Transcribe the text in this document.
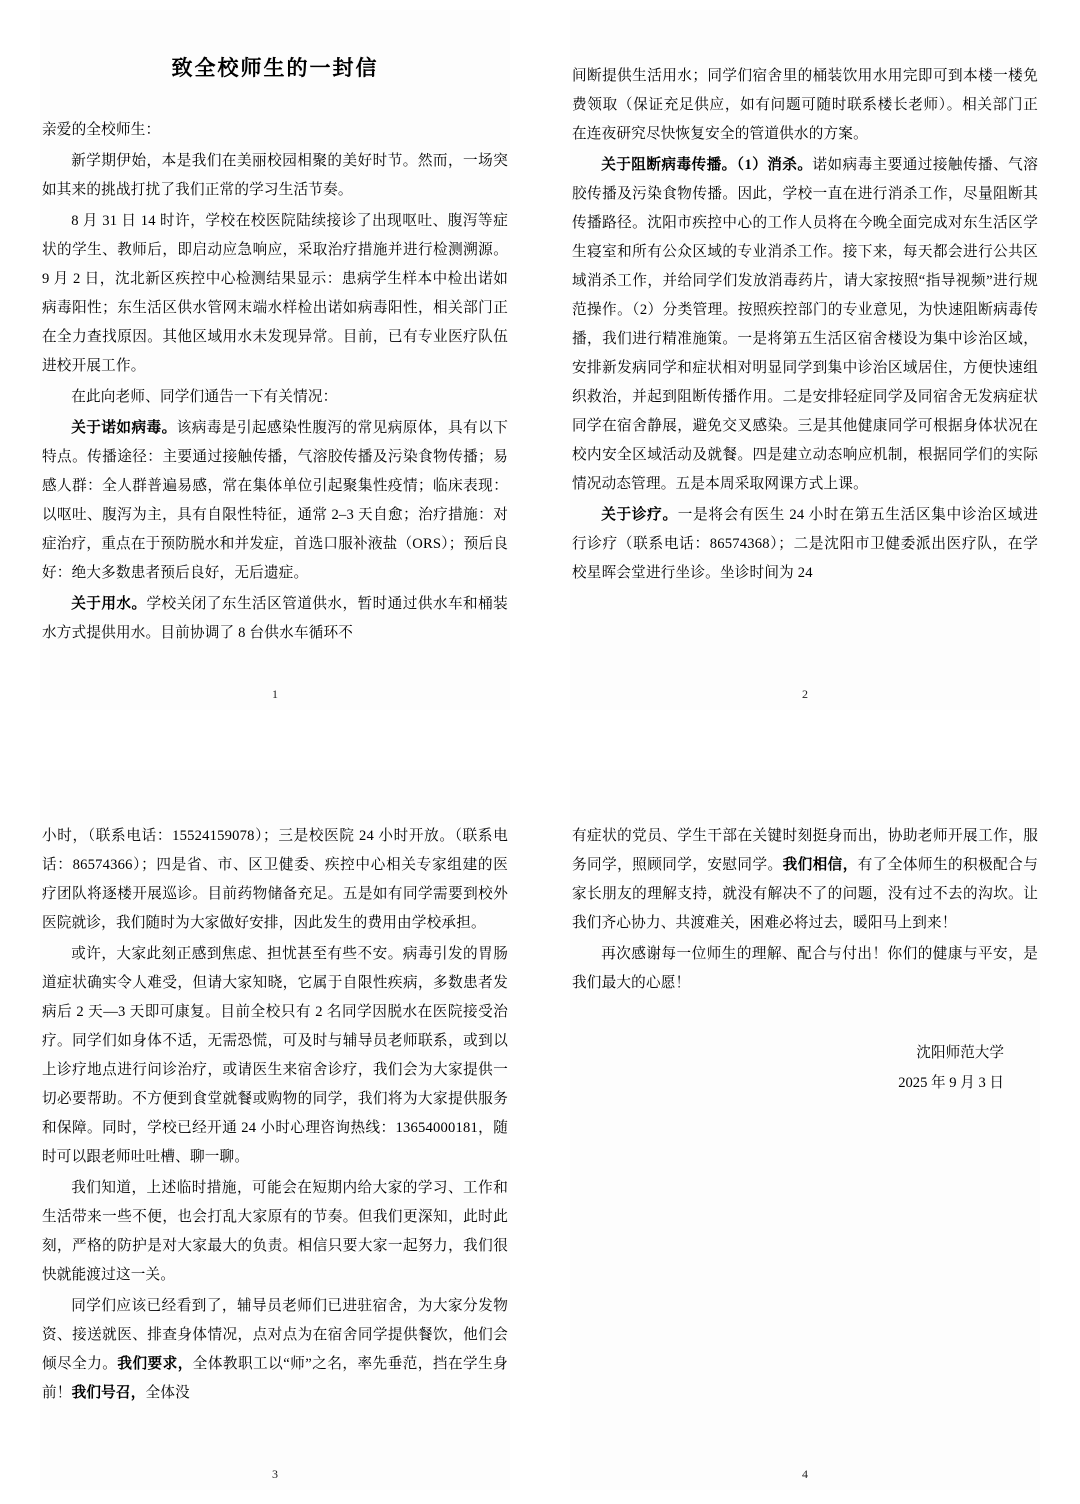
致全校师生的一封信

亲爱的全校师生：

新学期伊始，本是我们在美丽校园相聚的美好时节。然而，一场突如其来的挑战打扰了我们正常的学习生活节奏。

8 月 31 日 14 时许，学校在校医院陆续接诊了出现呕吐、腹泻等症状的学生、教师后，即启动应急响应，采取治疗措施并进行检测溯源。9 月 2 日，沈北新区疾控中心检测结果显示：患病学生样本中检出诺如病毒阳性；东生活区供水管网末端水样检出诺如病毒阳性，相关部门正在全力查找原因。其他区域用水未发现异常。目前，已有专业医疗队伍进校开展工作。

在此向老师、同学们通告一下有关情况：

关于诺如病毒。该病毒是引起感染性腹泻的常见病原体，具有以下特点。传播途径：主要通过接触传播，气溶胶传播及污染食物传播；易感人群：全人群普遍易感，常在集体单位引起聚集性疫情；临床表现：以呕吐、腹泻为主，具有自限性特征，通常 2–3 天自愈；治疗措施：对症治疗，重点在于预防脱水和并发症，首选口服补液盐（ORS）；预后良好：绝大多数患者预后良好，无后遗症。

关于用水。学校关闭了东生活区管道供水，暂时通过供水车和桶装水方式提供用水。目前协调了 8 台供水车循环不

1

间断提供生活用水；同学们宿舍里的桶装饮用水用完即可到本楼一楼免费领取（保证充足供应，如有问题可随时联系楼长老师）。相关部门正在连夜研究尽快恢复安全的管道供水的方案。

关于阻断病毒传播。（1）消杀。诺如病毒主要通过接触传播、气溶胶传播及污染食物传播。因此，学校一直在进行消杀工作，尽量阻断其传播路径。沈阳市疾控中心的工作人员将在今晚全面完成对东生活区学生寝室和所有公众区域的专业消杀工作。接下来，每天都会进行公共区域消杀工作，并给同学们发放消毒药片，请大家按照“指导视频”进行规范操作。（2）分类管理。按照疾控部门的专业意见，为快速阻断病毒传播，我们进行精准施策。一是将第五生活区宿舍楼设为集中诊治区域，安排新发病同学和症状相对明显同学到集中诊治区域居住，方便快速组织救治，并起到阻断传播作用。二是安排轻症同学及同宿舍无发病症状同学在宿舍静展，避免交叉感染。三是其他健康同学可根据身体状况在校内安全区域活动及就餐。四是建立动态响应机制，根据同学们的实际情况动态管理。五是本周采取网课方式上课。

关于诊疗。一是将会有医生 24 小时在第五生活区集中诊治区域进行诊疗（联系电话：86574368）；二是沈阳市卫健委派出医疗队，在学校星晖会堂进行坐诊。坐诊时间为 24

2

小时，（联系电话：15524159078）；三是校医院 24 小时开放。（联系电话：86574366）；四是省、市、区卫健委、疾控中心相关专家组建的医疗团队将逐楼开展巡诊。目前药物储备充足。五是如有同学需要到校外医院就诊，我们随时为大家做好安排，因此发生的费用由学校承担。

或许，大家此刻正感到焦虑、担忧甚至有些不安。病毒引发的胃肠道症状确实令人难受，但请大家知晓，它属于自限性疾病，多数患者发病后 2 天—3 天即可康复。目前全校只有 2 名同学因脱水在医院接受治疗。同学们如身体不适，无需恐慌，可及时与辅导员老师联系，或到以上诊疗地点进行问诊治疗，或请医生来宿舍诊疗，我们会为大家提供一切必要帮助。不方便到食堂就餐或购物的同学，我们将为大家提供服务和保障。同时，学校已经开通 24 小时心理咨询热线：13654000181，随时可以跟老师吐吐槽、聊一聊。

我们知道，上述临时措施，可能会在短期内给大家的学习、工作和生活带来一些不便，也会打乱大家原有的节奏。但我们更深知，此时此刻，严格的防护是对大家最大的负责。相信只要大家一起努力，我们很快就能渡过这一关。

同学们应该已经看到了，辅导员老师们已进驻宿舍，为大家分发物资、接送就医、排查身体情况，点对点为在宿舍同学提供餐饮，他们会倾尽全力。我们要求，全体教职工以“师”之名，率先垂范，挡在学生身前！我们号召，全体没

3

有症状的党员、学生干部在关键时刻挺身而出，协助老师开展工作，服务同学，照顾同学，安慰同学。我们相信，有了全体师生的积极配合与家长朋友的理解支持，就没有解决不了的问题，没有过不去的沟坎。让我们齐心协力、共渡难关，困难必将过去，暖阳马上到来！

再次感谢每一位师生的理解、配合与付出！你们的健康与平安，是我们最大的心愿！

沈阳师范大学
2025 年 9 月 3 日
4
